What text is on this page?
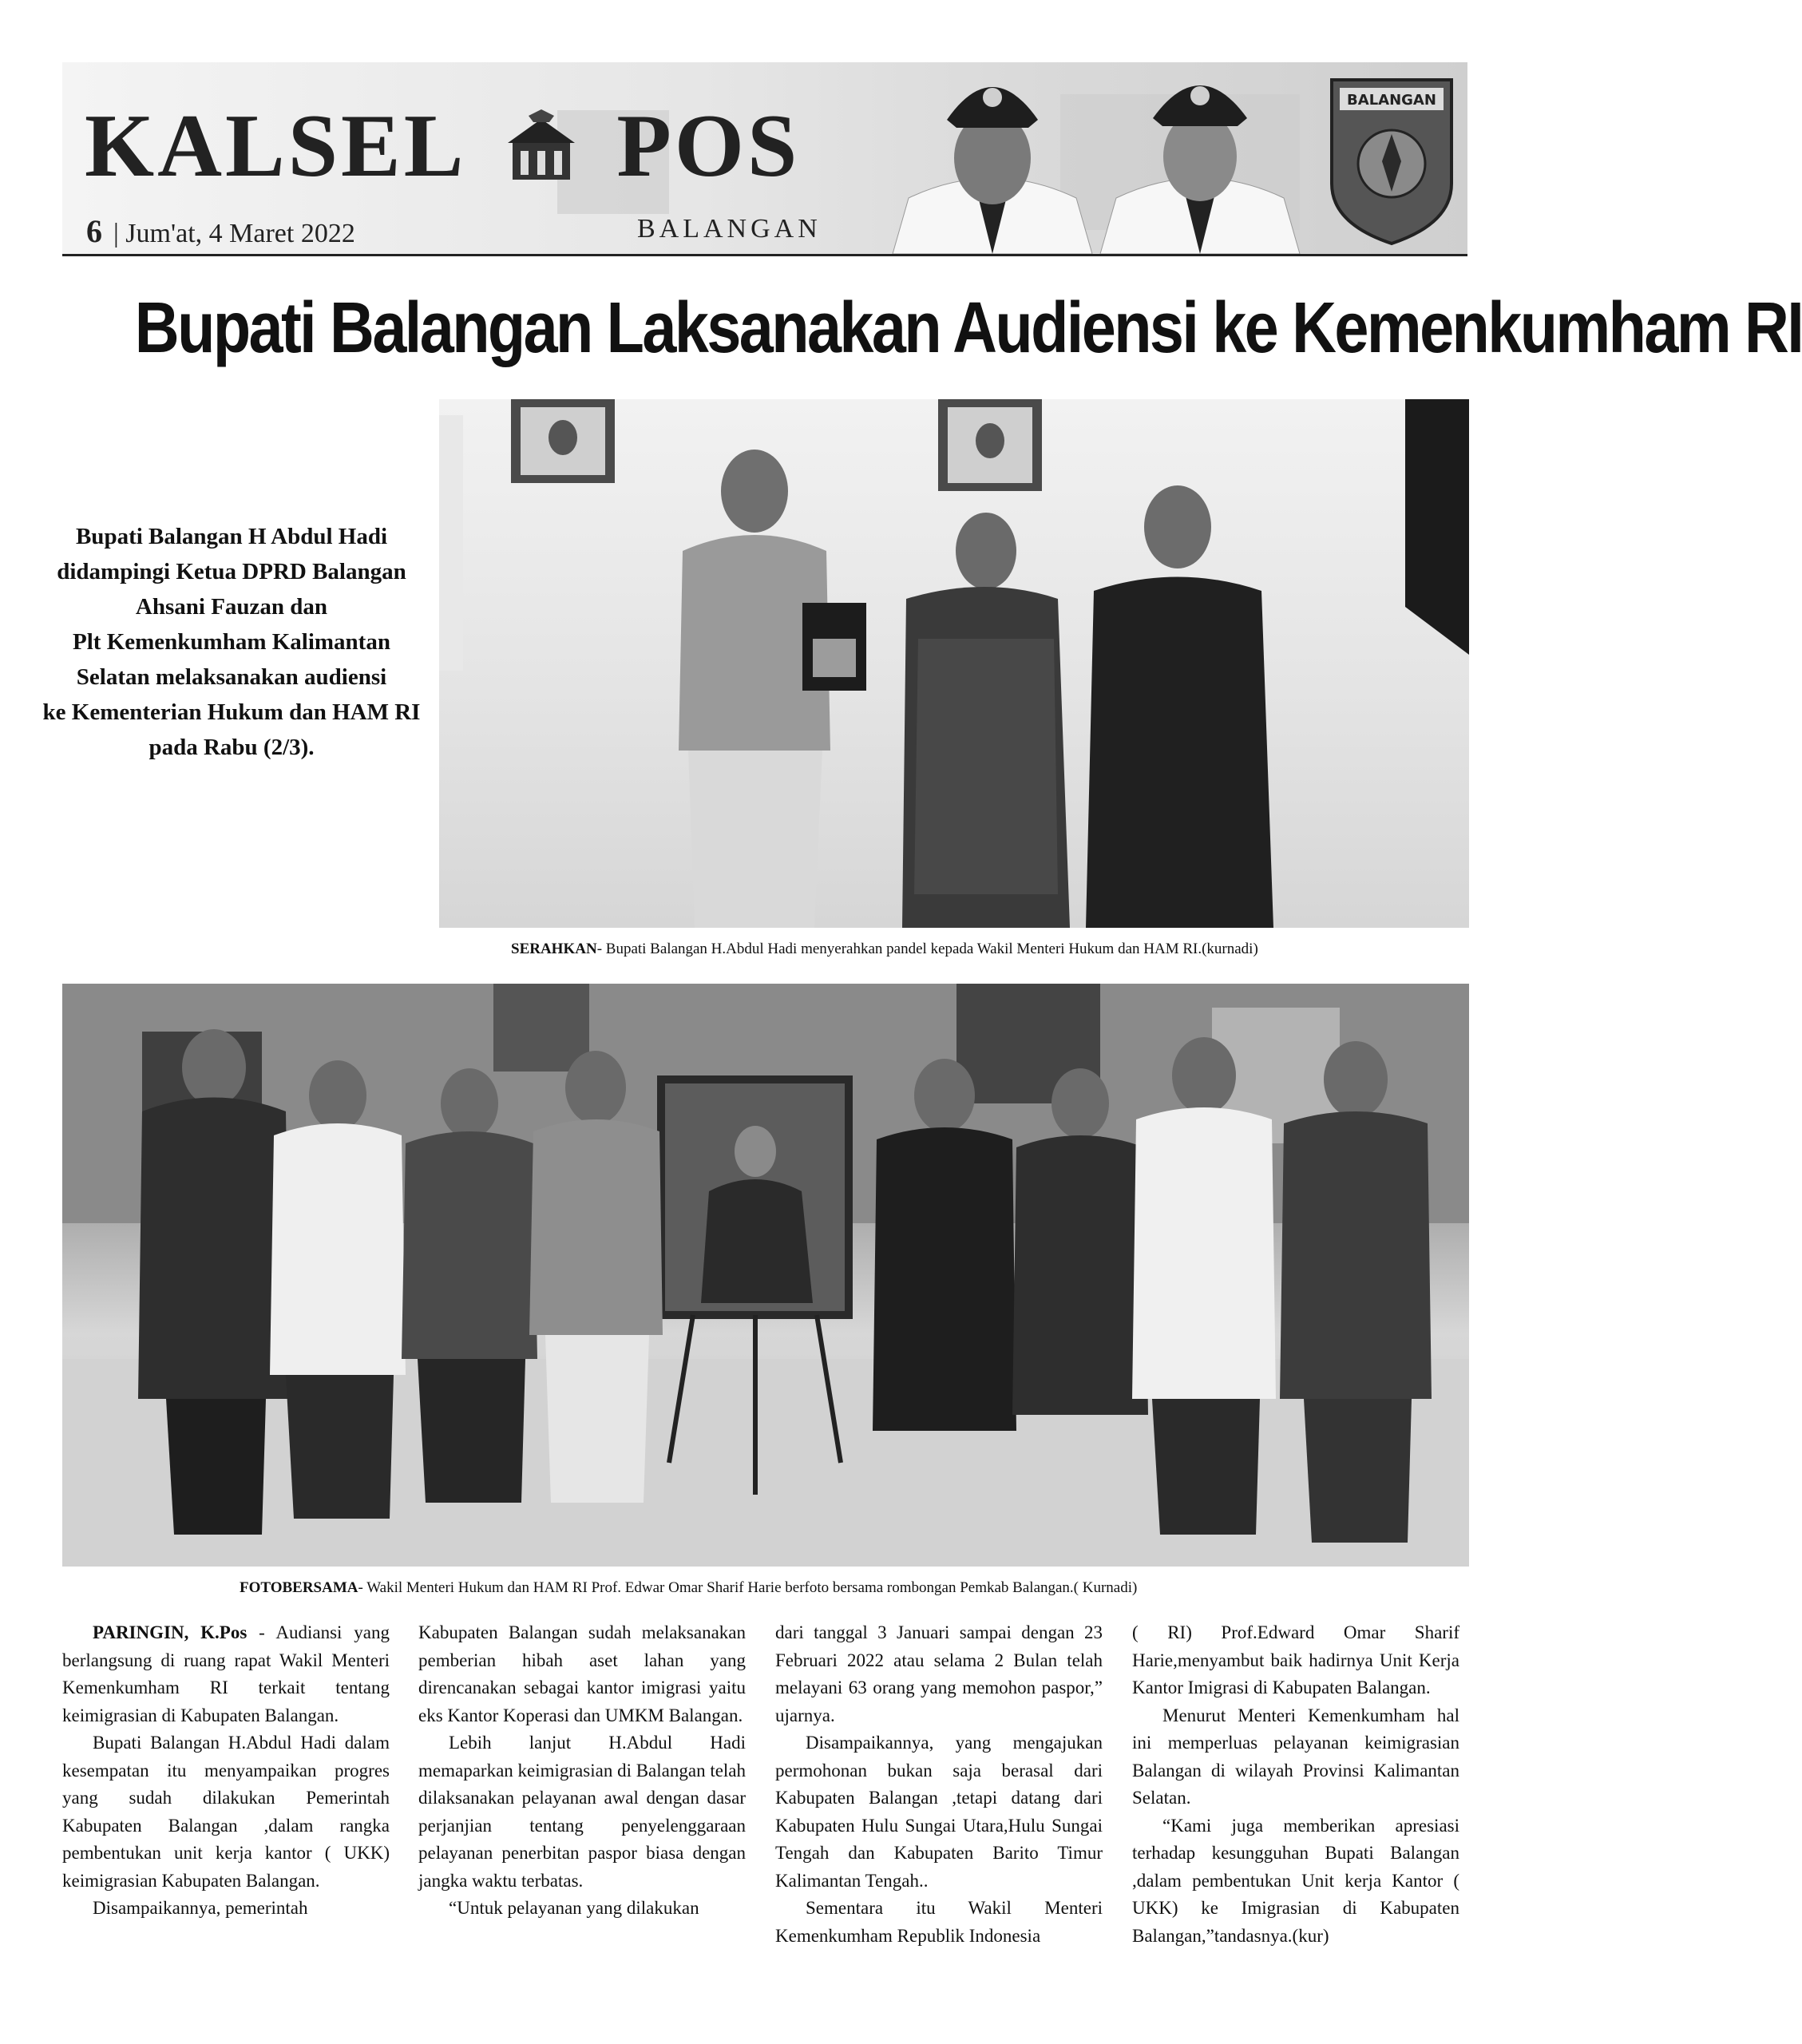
KALSEL POS
6 | Jum'at, 4 Maret 2022	BALANGAN
BALANGAN
Bupati Balangan Laksanakan Audiensi ke Kemenkumham RI
Bupati Balangan H Abdul Hadi
didampingi Ketua DPRD Balangan
Ahsani Fauzan dan
Plt Kemenkumham Kalimantan
Selatan melaksanakan audiensi
ke Kementerian Hukum dan HAM RI
pada Rabu (2/3).
SERAHKAN- Bupati Balangan H.Abdul Hadi menyerahkan pandel kepada Wakil Menteri Hukum dan HAM RI.(kurnadi)
FOTOBERSAMA- Wakil Menteri Hukum dan HAM RI Prof. Edwar Omar Sharif Harie berfoto bersama rombongan Pemkab Balangan.( Kurnadi)

PARINGIN, K.Pos - Audiansi yang berlangsung di ruang rapat Wakil Menteri Kemenkumham RI terkait tentang keimigrasian di Kabupaten Balangan.

Bupati Balangan H.Abdul Hadi dalam kesempatan itu menyampaikan progres yang sudah dilakukan Pemerintah Kabupaten Balangan ,dalam rangka pembentukan unit kerja kantor ( UKK) keimigrasian Kabupaten Balangan.

Disampaikannya, pemerintah

Kabupaten Balangan sudah melaksanakan pemberian hibah aset lahan yang direncanakan sebagai kantor imigrasi yaitu eks Kantor Koperasi dan UMKM Balangan.

Lebih lanjut H.Abdul Hadi memaparkan keimigrasian di Balangan telah dilaksanakan pelayanan awal dengan dasar perjanjian tentang penyelenggaraan pelayanan penerbitan paspor biasa dengan jangka waktu terbatas.

“Untuk pelayanan yang dilakukan

dari tanggal 3 Januari sampai dengan 23 Februari 2022 atau selama 2 Bulan telah melayani 63 orang yang memohon paspor,” ujarnya.

Disampaikannya, yang mengajukan permohonan bukan saja berasal dari Kabupaten Balangan ,tetapi datang dari Kabupaten Hulu Sungai Utara,Hulu Sungai Tengah dan Kabupaten Barito Timur Kalimantan Tengah..

Sementara itu Wakil Menteri Kemenkumham Republik Indonesia

( RI) Prof.Edward Omar Sharif Harie,menyambut baik hadirnya Unit Kerja Kantor Imigrasi di Kabupaten Balangan.

Menurut Menteri Kemenkumham hal ini memperluas pelayanan keimigrasian Balangan di wilayah Provinsi Kalimantan Selatan.

“Kami juga memberikan apresiasi terhadap kesungguhan Bupati Balangan ,dalam pembentukan Unit kerja Kantor ( UKK) ke Imigrasian di Kabupaten Balangan,”tandasnya.(kur)
